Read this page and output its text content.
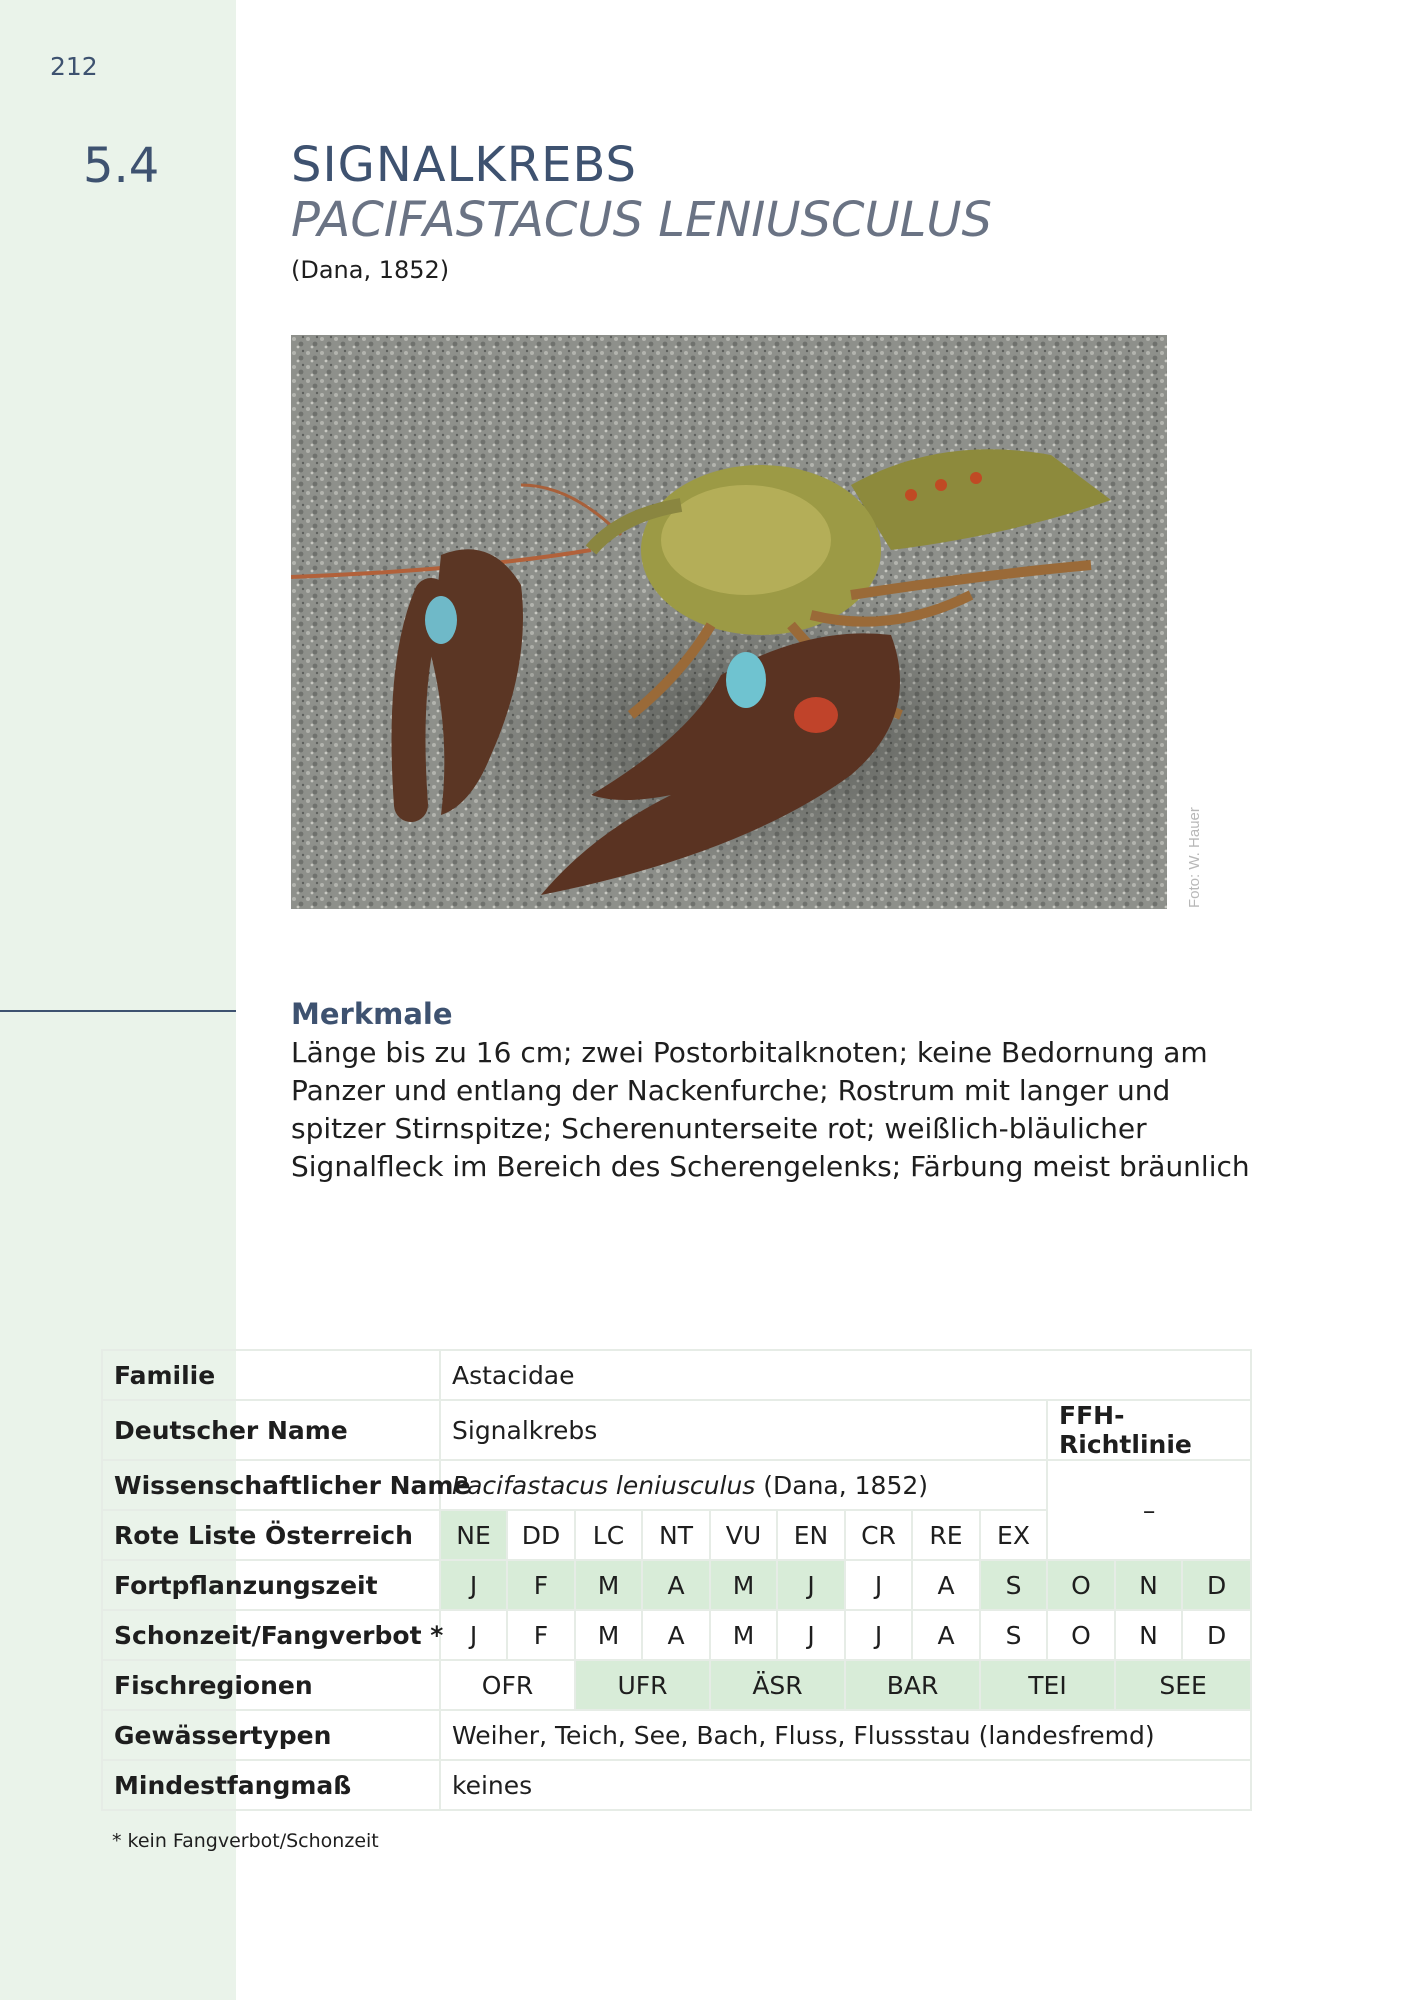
212
5.4	SIGNALKREBS
PACIFASTACUS LENIUSCULUS
(Dana, 1852)
Foto: W. Hauer
Merkmale
Länge bis zu 16 cm; zwei Postorbitalknoten; keine Bedornung am Panzer und entlang der Nackenfurche; Rostrum mit langer und spitzer Stirnspitze; Scherenunterseite rot; weißlich-bläulicher Signalfleck im Bereich des Scherengelenks; Färbung meist bräunlich
Familie	Astacidae											
Deutscher Name	Signalkrebs									FFH-Richtlinie		
Wissenschaftlicher Name	Pacifastacus leniusculus (Dana, 1852)									–		
Rote Liste Österreich	NE	DD	LC	NT	VU	EN	CR	RE	EX			
Fortpflanzungszeit	J	F	M	A	M	J	J	A	S	O	N	D
Schonzeit/Fangverbot *	J	F	M	A	M	J	J	A	S	O	N	D
Fischregionen	OFR		UFR		ÄSR		BAR		TEI		SEE	
Gewässertypen	Weiher, Teich, See, Bach, Fluss, Flussstau (landesfremd)											
Mindestfangmaß	keines											
* kein Fangverbot/Schonzeit
